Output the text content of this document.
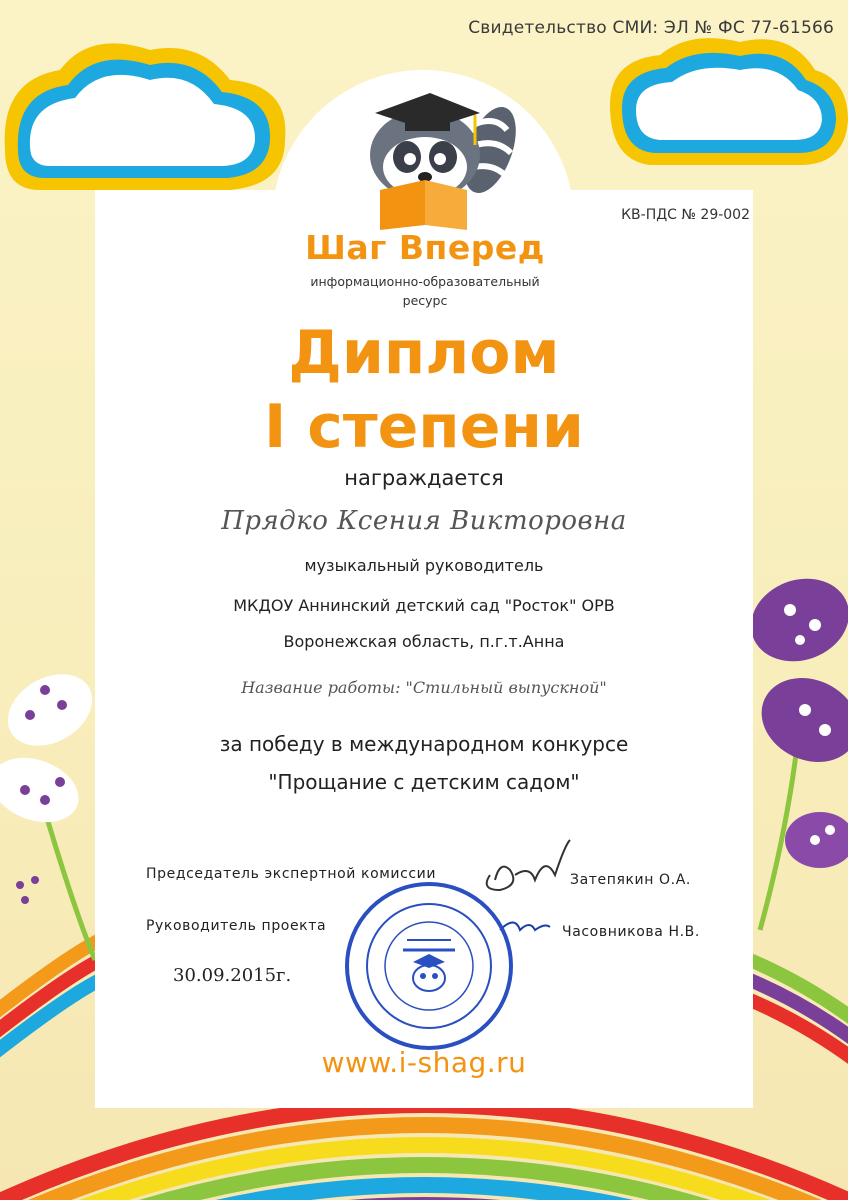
Свидетельство СМИ: ЭЛ № ФС 77-61566
КВ-ПДС № 29-002
Шаг Вперед
информационно-образовательный ресурс
Диплом
I степени
награждается
Прядко Ксения Викторовна
музыкальный руководитель
МКДОУ Аннинский детский сад "Росток" ОРВ
Воронежская область, п.г.т.Анна
Название работы: "Стильный выпускной"
за победу в международном конкурсе
"Прощание с детским садом"
Председатель экспертной комиссии	Затепякин О.А.
Руководитель проекта	Часовникова Н.В.
30.09.2015г.
www.i-shag.ru
